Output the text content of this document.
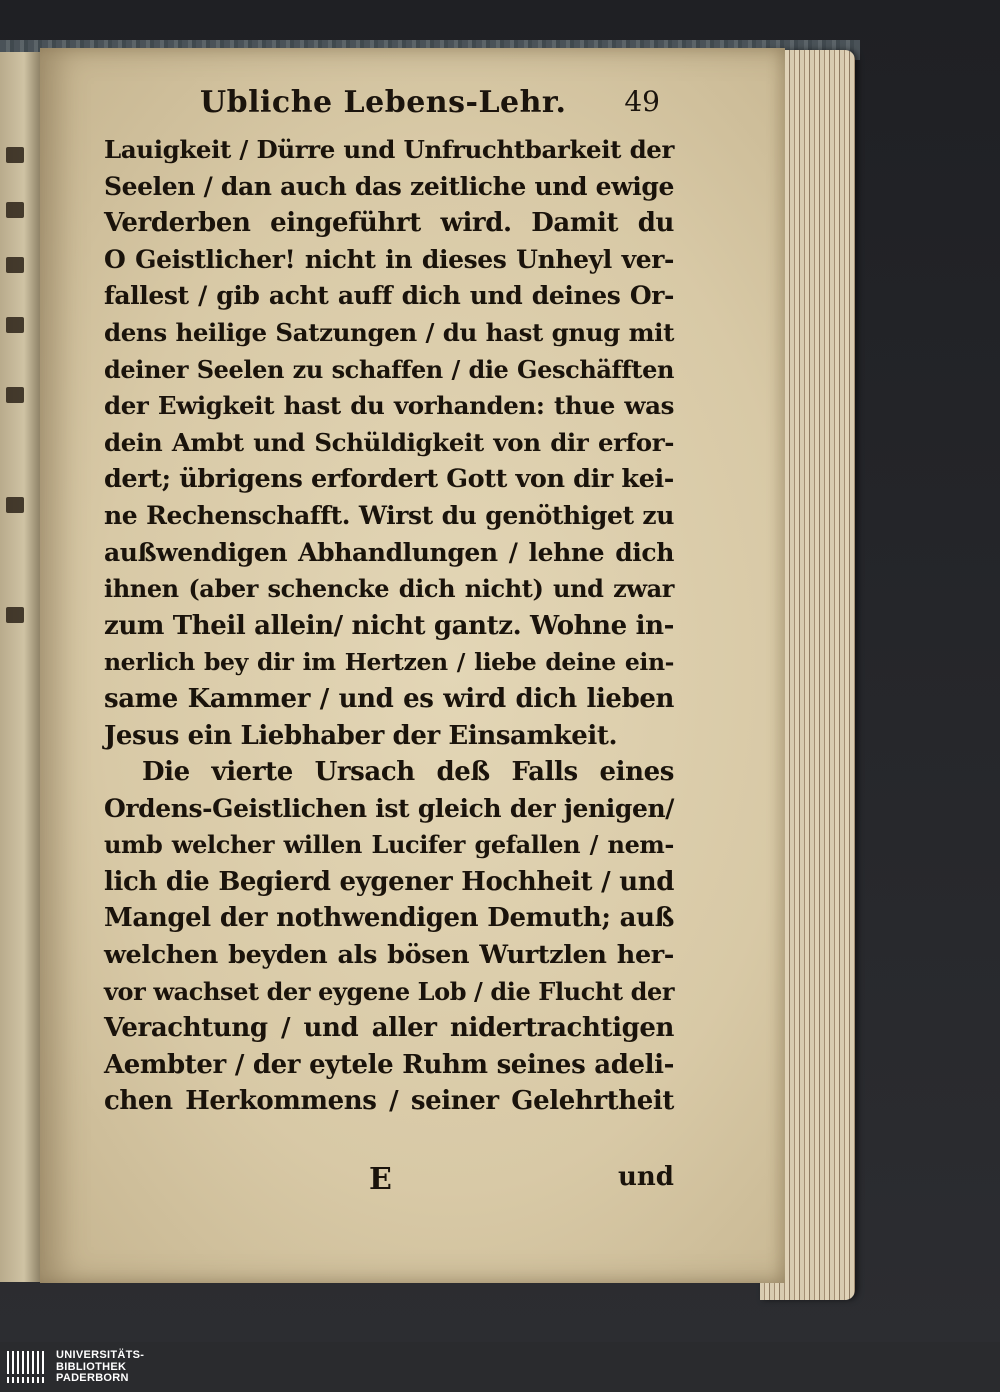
Ubliche Lebens-Lehr. 49
Lauigkeit / Dürre und Unfruchtbarkeit der
Seelen / dan auch das zeitliche und ewige
Verderben eingeführt wird. Damit du
O Geistlicher! nicht in dieses Unheyl ver-
fallest / gib acht auff dich und deines Or-
dens heilige Satzungen / du hast gnug mit
deiner Seelen zu schaffen / die Geschäfften
der Ewigkeit hast du vorhanden: thue was
dein Ambt und Schüldigkeit von dir erfor-
dert; übrigens erfordert Gott von dir kei-
ne Rechenschafft. Wirst du genöthiget zu
außwendigen Abhandlungen / lehne dich
ihnen (aber schencke dich nicht) und zwar
zum Theil allein/ nicht gantz. Wohne in-
nerlich bey dir im Hertzen / liebe deine ein-
same Kammer / und es wird dich lieben
Jesus ein Liebhaber der Einsamkeit.
Die vierte Ursach deß Falls eines
Ordens-Geistlichen ist gleich der jenigen/
umb welcher willen Lucifer gefallen / nem-
lich die Begierd eygener Hochheit / und
Mangel der nothwendigen Demuth; auß
welchen beyden als bösen Wurtzlen her-
vor wachset der eygene Lob / die Flucht der
Verachtung / und aller nidertrachtigen
Aembter / der eytele Ruhm seines adeli-
chen Herkommens / seiner Gelehrtheit
E	und
UNIVERSITÄTS-
BIBLIOTHEK
PADERBORN
